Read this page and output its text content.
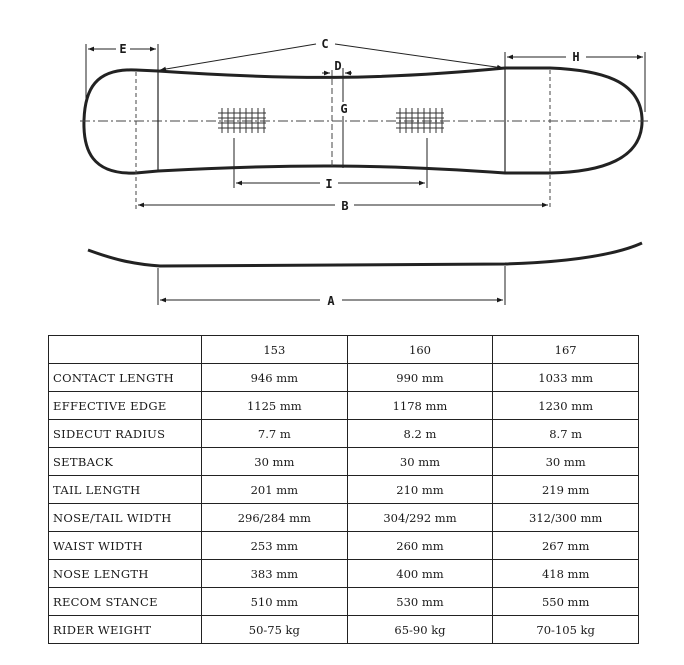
E	C
H
D
G
I
B
A
	153	160	167
CONTACT LENGTH	946 mm	990 mm	1033 mm
EFFECTIVE EDGE	1125 mm	1178 mm	1230 mm
SIDECUT RADIUS	7.7 m	8.2 m	8.7 m
SETBACK	30 mm	30 mm	30 mm
TAIL LENGTH	201 mm	210 mm	219 mm
NOSE/TAIL WIDTH	296/284 mm	304/292 mm	312/300 mm
WAIST WIDTH	253 mm	260 mm	267 mm
NOSE LENGTH	383 mm	400 mm	418 mm
RECOM STANCE	510 mm	530 mm	550 mm
RIDER WEIGHT	50-75 kg	65-90 kg	70-105 kg
